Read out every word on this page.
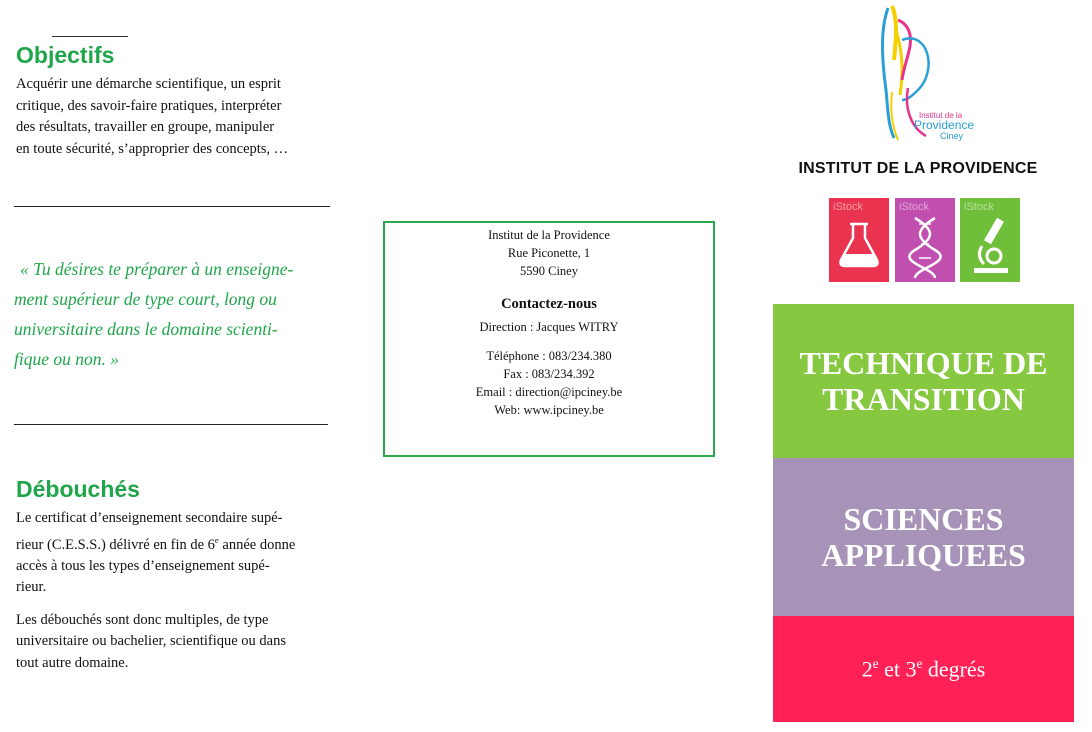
Objectifs

Acquérir une démarche scientifique, un esprit

critique, des savoir-faire pratiques, interpréter

des résultats, travailler en groupe, manipuler

en toute sécurité, s’approprier des concepts, …

« Tu désires te préparer à un enseigne-

ment supérieur de type court, long ou

universitaire dans le domaine scienti-

fique ou non. »

Débouchés

Le certificat d’enseignement secondaire supé-

rieur (C.E.S.S.) délivré en fin de 6e année donne

accès à tous les types d’enseignement supé-

rieur.

Les débouchés sont donc multiples, de type

universitaire ou bachelier, scientifique ou dans

tout autre domaine.

Institut de la Providence
Rue Piconette, 1
5590 Ciney
Contactez-nous
Direction : Jacques WITRY
Téléphone : 083/234.380
Fax : 083/234.392
Email : direction@ipciney.be
Web: www.ipciney.be
Institut de la
Providence
Ciney
INSTITUT DE LA PROVIDENCE
iStock	iStock	iStock
TECHNIQUE DE
TRANSITION
SCIENCES
APPLIQUEES
2e et 3e degrés
